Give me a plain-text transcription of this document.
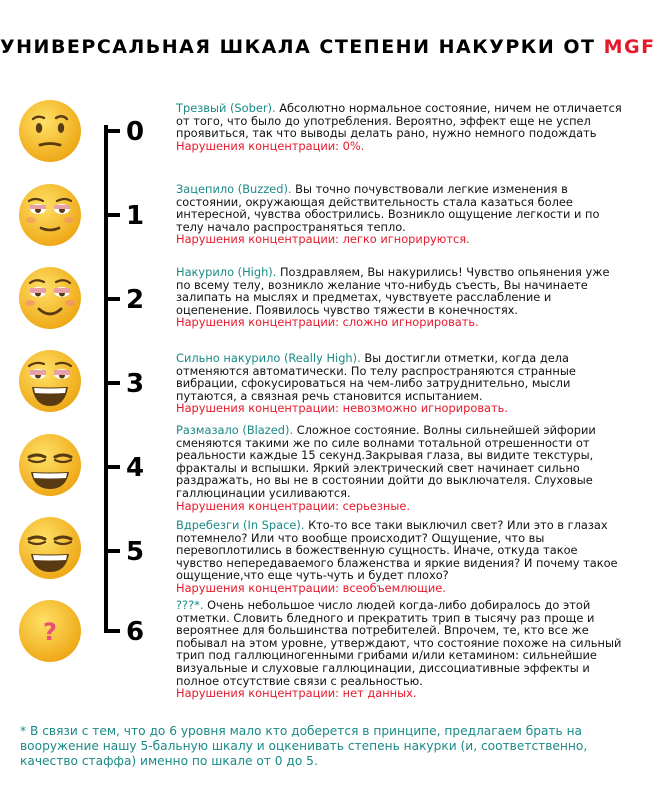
УНИВЕРСАЛЬНАЯ ШКАЛА СТЕПЕНИ НАКУРКИ ОТ MGF
0
1
2
3
4
5
6
?
Трезвый (Sober). Абсолютно нормальное состояние, ничем не отличается от того, что было до употребления. Вероятно, эффект еще не успел проявиться, так что выводы делать рано, нужно немного подождать
Нарушения концентрации: 0%.
Зацепило (Buzzed). Вы точно почувствовали легкие изменения в состоянии, окружающая действительность стала казаться более интересной, чувства обострились. Возникло ощущение легкости и по телу начало распространяться тепло.
Нарушения концентрации: легко игнорируются.
Накурило (High). Поздравляем, Вы накурились! Чувство опьянения уже по всему телу, возникло желание что-нибудь съесть, Вы начинаете залипать на мыслях и предметах, чувствуете расслабление и оцепенение. Появилось чувство тяжести в конечностях.
Нарушения концентрации: сложно игнорировать.
Сильно накурило (Really High). Вы достигли отметки, когда дела отменяются автоматически. По телу распространяются странные вибрации, сфокусироваться на чем-либо затруднительно, мысли путаются, а связная речь становится испытанием.
Нарушения концентрации: невозможно игнорировать.
Размазало (Blazed). Сложное состояние. Волны сильнейшей эйфории сменяются такими же по силе волнами тотальной отрешенности от реальности каждые 15 секунд.Закрывая глаза, вы видите текстуры, фракталы и вспышки. Яркий электрический свет начинает сильно раздражать, но вы не в состоянии дойти до выключателя. Слуховые галлюцинации усиливаются.
Нарушения концентрации: серьезные.
Вдребезги (In Space). Кто-то все таки выключил свет? Или это в глазах потемнело? Или что вообще происходит? Ощущение, что вы перевоплотились в божественную сущность. Иначе, откуда такое чувство непередаваемого блаженства и яркие видения? И почему такое ощущение,что еще чуть-чуть и будет плохо?
Нарушения концентрации: всеобъемлющие.
???*. Очень небольшое число людей когда-либо добиралось до этой отметки. Словить бледного и прекратить трип в тысячу раз проще и вероятнее для большинства потребителей. Впрочем, те, кто все же побывал на этом уровне, утверждают, что состояние похоже на сильный трип под галлюциногенными грибами и/или кетамином: сильнейшие визуальные и слуховые галлюцинации, диссоциативные эффекты и полное отсутствие связи с реальностью.
Нарушения концентрации: нет данных.
* В связи с тем, что до 6 уровня мало кто доберется в принципе, предлагаем брать на вооружение нашу 5-бальную шкалу и оцкенивать степень накурки (и, соответственно, качество стаффа) именно по шкале от 0 до 5.
